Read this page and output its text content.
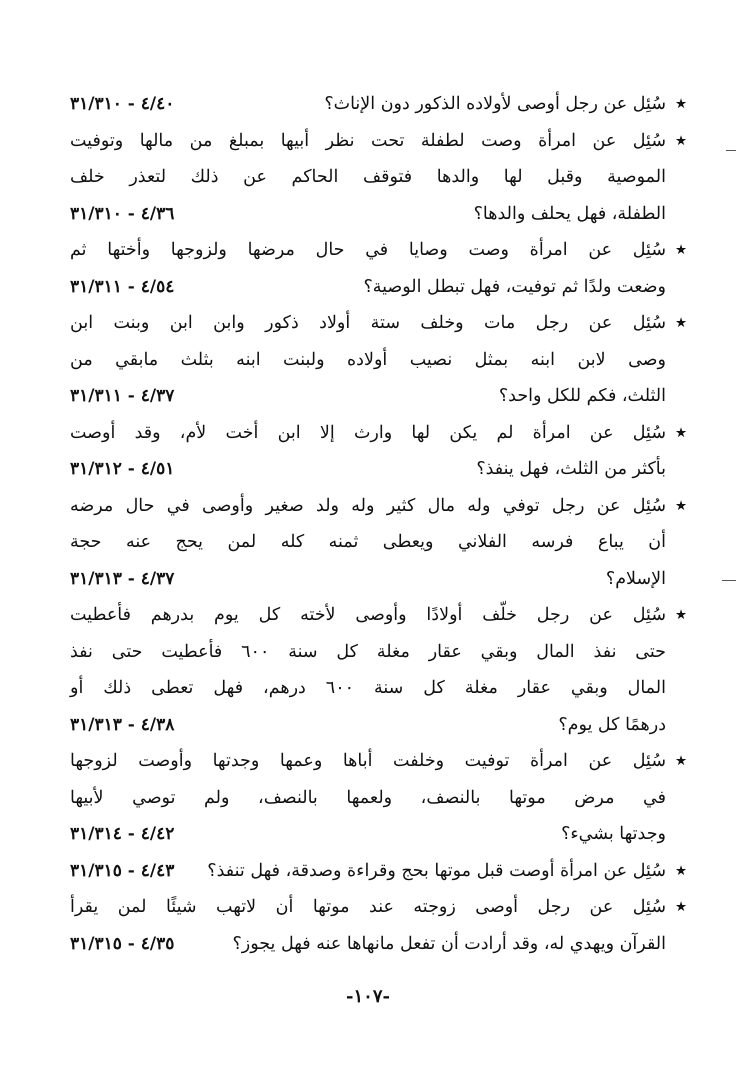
٭
سُئِل عن رجل أوصى لأولاده الذكور دون الإناث؟
٤/٤٠ - ٣١/٣١٠
٭
سُئِل عن امرأة وصت لطفلة تحت نظر أبيها بمبلغ من مالها وتوفيت
الموصية وقبل لها والدها فتوقف الحاكم عن ذلك لتعذر خلف
الطفلة، فهل يحلف والدها؟
٤/٣٦ - ٣١/٣١٠
٭
سُئِل عن امرأة وصت وصايا في حال مرضها ولزوجها وأختها ثم
وضعت ولدًا ثم توفيت، فهل تبطل الوصية؟
٤/٥٤ - ٣١/٣١١
٭
سُئِل عن رجل مات وخلف ستة أولاد ذكور وابن ابن وبنت ابن
وصى لابن ابنه بمثل نصيب أولاده ولبنت ابنه بثلث مابقي من
الثلث، فكم للكل واحد؟
٤/٣٧ - ٣١/٣١١
٭
سُئِل عن امرأة لم يكن لها وارث إلا ابن أخت لأم، وقد أوصت
بأكثر من الثلث، فهل ينفذ؟
٤/٥١ - ٣١/٣١٢
٭
سُئِل عن رجل توفي وله مال كثير وله ولد صغير وأوصى في حال مرضه
أن يباع فرسه الفلاني ويعطى ثمنه كله لمن يحج عنه حجة
الإسلام؟
٤/٣٧ - ٣١/٣١٣
٭
سُئِل عن رجل خلّف أولادًا وأوصى لأخته كل يوم بدرهم فأعطيت
حتى نفذ المال وبقي عقار مغلة كل سنة ٦٠٠ فأعطيت حتى نفذ
المال وبقي عقار مغلة كل سنة ٦٠٠ درهم، فهل تعطى ذلك أو
درهمًا كل يوم؟
٤/٣٨ - ٣١/٣١٣
٭
سُئِل عن امرأة توفيت وخلفت أباها وعمها وجدتها وأوصت لزوجها
في مرض موتها بالنصف، ولعمها بالنصف، ولم توصي لأبيها
وجدتها بشيء؟
٤/٤٢ - ٣١/٣١٤
٭
سُئِل عن امرأة أوصت قبل موتها بحج وقراءة وصدقة، فهل تنفذ؟
٤/٤٣ - ٣١/٣١٥
٭
سُئِل عن رجل أوصى زوجته عند موتها أن لاتهب شيئًا لمن يقرأ
القرآن ويهدي له، وقد أرادت أن تفعل مانهاها عنه فهل يجوز؟
٤/٣٥ - ٣١/٣١٥
-١٠٧-
